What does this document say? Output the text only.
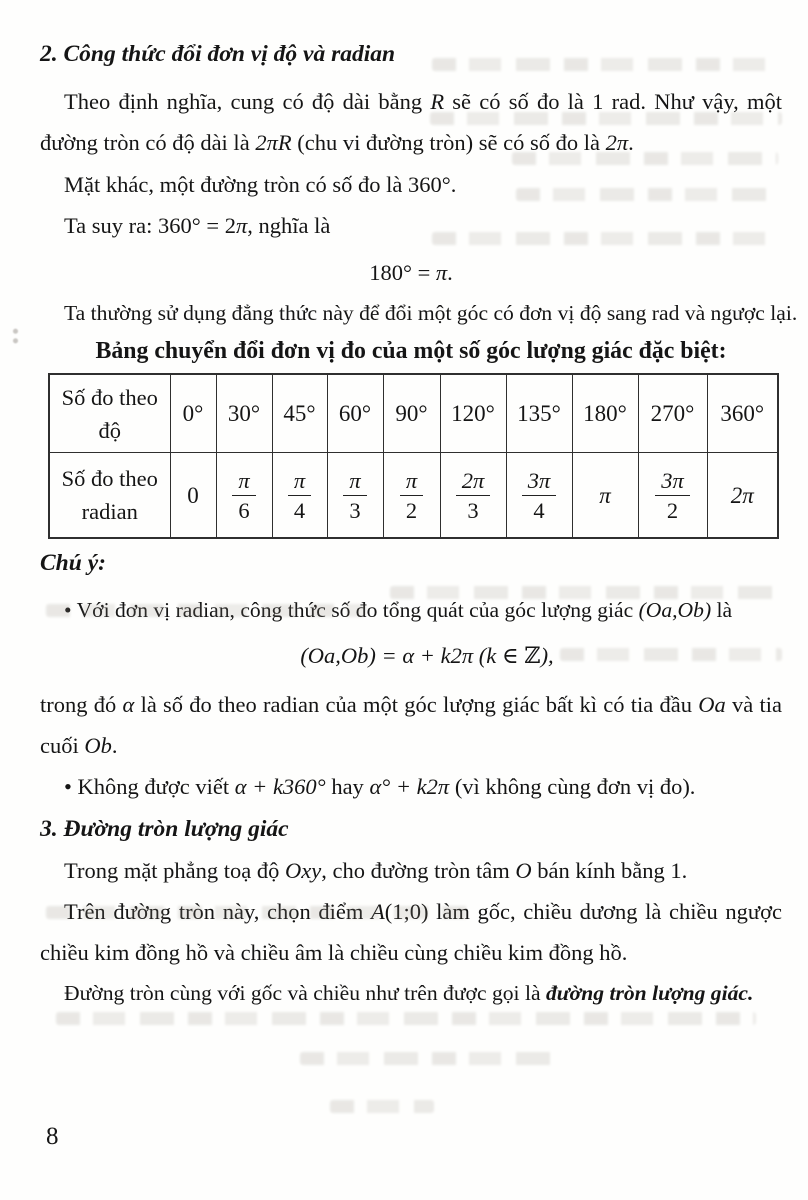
2. Công thức đổi đơn vị độ và radian

Theo định nghĩa, cung có độ dài bằng R sẽ có số đo là 1 rad. Như vậy, một đường tròn có độ dài là 2πR (chu vi đường tròn) sẽ có số đo là 2π.

Mặt khác, một đường tròn có số đo là 360°.

Ta suy ra: 360° = 2π, nghĩa là

180° = π.

Ta thường sử dụng đẳng thức này để đổi một góc có đơn vị độ sang rad và ngược lại.

Bảng chuyển đổi đơn vị đo của một số góc lượng giác đặc biệt:

Số đo theo
độ	0°	30°	45°	60°	90°	120°	135°	180°	270°	360°

Số đo theo
radian
	0	$\frac{\pi}{6}$	$\frac{\pi}{4}$	$\frac{\pi}{3}$	$\frac{\pi}{2}$	$\frac{2\pi}{3}$	$\frac{3\pi}{4}$	π	$\frac{3\pi}{2}$	2π

Chú ý:

• Với đơn vị radian, công thức số đo tổng quát của góc lượng giác (Oa,Ob) là

(Oa,Ob) = α + k2π (k ∈ ℤ),

trong đó α là số đo theo radian của một góc lượng giác bất kì có tia đầu Oa và tia cuối Ob.

• Không được viết α + k360° hay α° + k2π (vì không cùng đơn vị đo).

3. Đường tròn lượng giác

Trong mặt phẳng toạ độ Oxy, cho đường tròn tâm O bán kính bằng 1.

Trên đường tròn này, chọn điểm A(1;0) làm gốc, chiều dương là chiều ngược chiều kim đồng hồ và chiều âm là chiều cùng chiều kim đồng hồ.

Đường tròn cùng với gốc và chiều như trên được gọi là đường tròn lượng giác.

8
